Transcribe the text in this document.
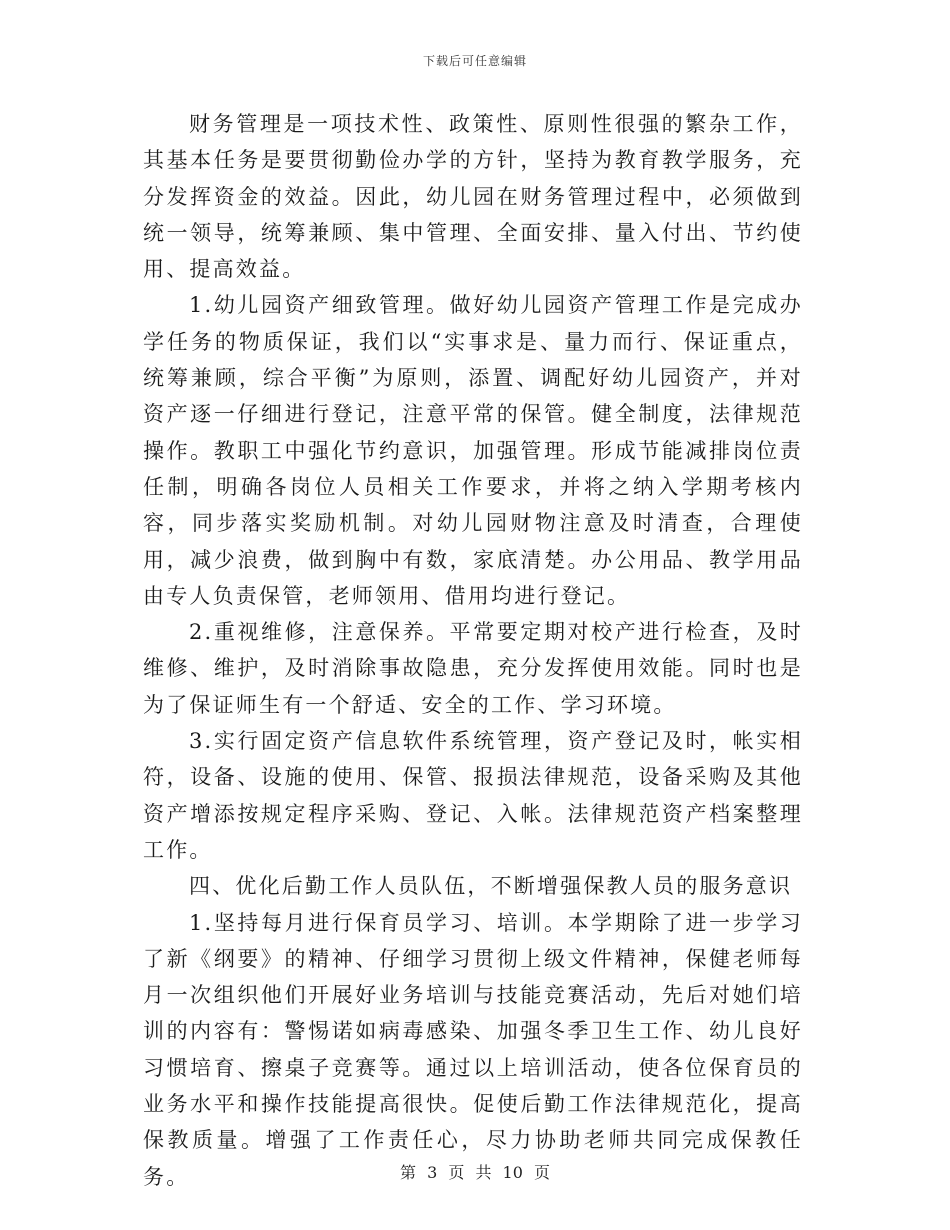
下载后可任意编辑

财务管理是一项技术性、政策性、原则性很强的繁杂工作，其基本任务是要贯彻勤俭办学的方针，坚持为教育教学服务，充分发挥资金的效益。因此，幼儿园在财务管理过程中，必须做到统一领导，统筹兼顾、集中管理、全面安排、量入付出、节约使用、提高效益。

1.幼儿园资产细致管理。做好幼儿园资产管理工作是完成办学任务的物质保证，我们以“实事求是、量力而行、保证重点，统筹兼顾，综合平衡”为原则，添置、调配好幼儿园资产，并对资产逐一仔细进行登记，注意平常的保管。健全制度，法律规范操作。教职工中强化节约意识，加强管理。形成节能减排岗位责任制，明确各岗位人员相关工作要求，并将之纳入学期考核内容，同步落实奖励机制。对幼儿园财物注意及时清查，合理使用，减少浪费，做到胸中有数，家底清楚。办公用品、教学用品由专人负责保管，老师领用、借用均进行登记。

2.重视维修，注意保养。平常要定期对校产进行检查，及时维修、维护，及时消除事故隐患，充分发挥使用效能。同时也是为了保证师生有一个舒适、安全的工作、学习环境。

3.实行固定资产信息软件系统管理，资产登记及时，帐实相符，设备、设施的使用、保管、报损法律规范，设备采购及其他资产增添按规定程序采购、登记、入帐。法律规范资产档案整理工作。

四、优化后勤工作人员队伍，不断增强保教人员的服务意识

1.坚持每月进行保育员学习、培训。本学期除了进一步学习了新《纲要》的精神、仔细学习贯彻上级文件精神，保健老师每月一次组织他们开展好业务培训与技能竞赛活动，先后对她们培训的内容有：警惕诺如病毒感染、加强冬季卫生工作、幼儿良好习惯培育、擦桌子竞赛等。通过以上培训活动，使各位保育员的业务水平和操作技能提高很快。促使后勤工作法律规范化，提高保教质量。增强了工作责任心，尽力协助老师共同完成保教任务。	第 3 页 共 10 页
